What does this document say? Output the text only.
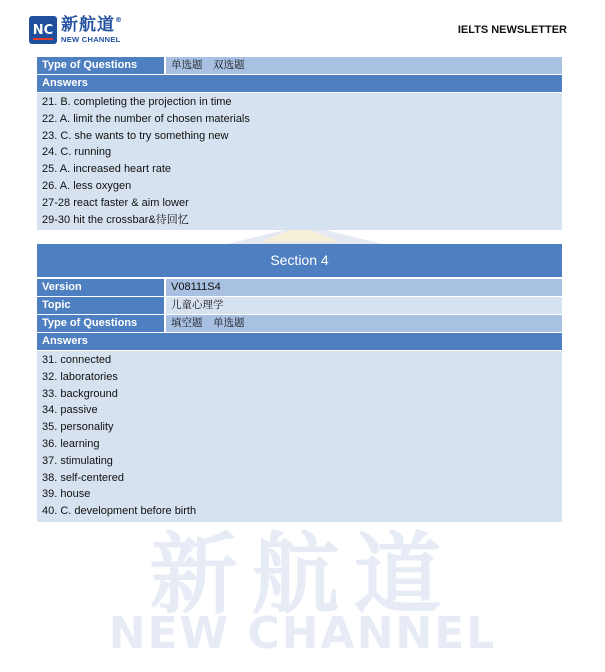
新航道
NEW CHANNEL
NC 新航道®
NEW CHANNEL
IELTS NEWSLETTER
Type of Questions	单选题　双选题
Answers
21. B. completing the projection in time
22. A. limit the number of chosen materials
23. C. she wants to try something new
24. C. running
25. A. increased heart rate
26. A. less oxygen
27-28 react faster & aim lower
29-30 hit the crossbar&待回忆
Section 4
Version	V08111S4
Topic	儿童心理学
Type of Questions	填空题　单选题
Answers
31. connected
32. laboratories
33. background
34. passive
35. personality
36. learning
37. stimulating
38. self-centered
39. house
40. C. development before birth
